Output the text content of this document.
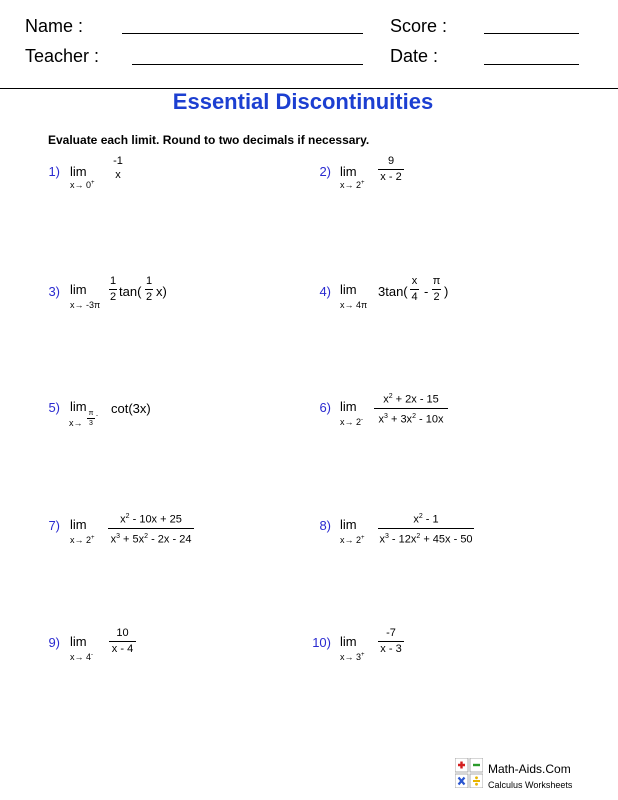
Name :	Score :
Teacher :	Date :
Essential Discontinuities
Evaluate each limit. Round to two decimals if necessary.
1) lim
x→ 0+
-1
x	2) lim
x→ 2+
9
x - 2
3) lim
x→ -3π
1
2 tan(
1
2 x)	4) lim
x→ 4π
3tan(
x
4 -
π
2 )
5) lim
x→
π
3
- cot(3x)	6) lim
x→ 2-
$x^2 + 2x - 15$
$x^3 + 3x^2 - 10x$
7) lim
x→ 2+
$x^2 - 10x + 25$
$x^3 + 5x^2 - 2x - 24$
8) lim
x→ 2+
$x^2 - 1$
$x^3 - 12x^2 + 45x - 50$
9) lim
x→ 4-
10
x - 4	10) lim
x→ 3+
-7
x - 3
Math-Aids.Com
Calculus Worksheets
